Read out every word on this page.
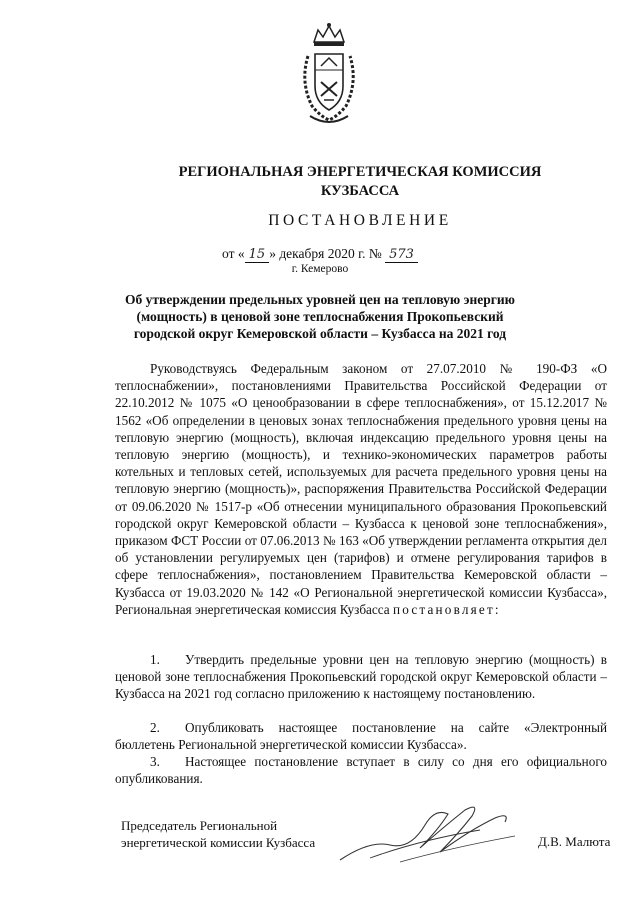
РЕГИОНАЛЬНАЯ ЭНЕРГЕТИЧЕСКАЯ КОМИССИЯ
КУЗБАССА
ПОСТАНОВЛЕНИЕ
от « 15 » декабря 2020 г. № 573
г. Кемерово
Об утверждении предельных уровней цен на тепловую энергию (мощность) в ценовой зоне теплоснабжения Прокопьевский городской округ Кемеровской области – Кузбасса на 2021 год
Руководствуясь Федеральным законом от 27.07.2010 № 190-ФЗ «О теплоснабжении», постановлениями Правительства Российской Федерации от 22.10.2012 № 1075 «О ценообразовании в сфере теплоснабжения», от 15.12.2017 № 1562 «Об определении в ценовых зонах теплоснабжения предельного уровня цены на тепловую энергию (мощность), включая индексацию предельного уровня цены на тепловую энергию (мощность), и технико-экономических параметров работы котельных и тепловых сетей, используемых для расчета предельного уровня цены на тепловую энергию (мощность)», распоряжения Правительства Российской Федерации от 09.06.2020 № 1517-р «Об отнесении муниципального образования Прокопьевский городской округ Кемеровской области – Кузбасса к ценовой зоне теплоснабжения», приказом ФСТ России от 07.06.2013 № 163 «Об утверждении регламента открытия дел об установлении регулируемых цен (тарифов) и отмене регулирования тарифов в сфере теплоснабжения», постановлением Правительства Кемеровской области – Кузбасса от 19.03.2020 № 142 «О Региональной энергетической комиссии Кузбасса», Региональная энергетическая комиссия Кузбасса постановляет:
1. Утвердить предельные уровни цен на тепловую энергию (мощность) в ценовой зоне теплоснабжения Прокопьевский городской округ Кемеровской области – Кузбасса на 2021 год согласно приложению к настоящему постановлению.
2. Опубликовать настоящее постановление на сайте «Электронный бюллетень Региональной энергетической комиссии Кузбасса».
3. Настоящее постановление вступает в силу со дня его официального опубликования.
Председатель Региональной
энергетической комиссии Кузбасса	Д.В. Малюта
